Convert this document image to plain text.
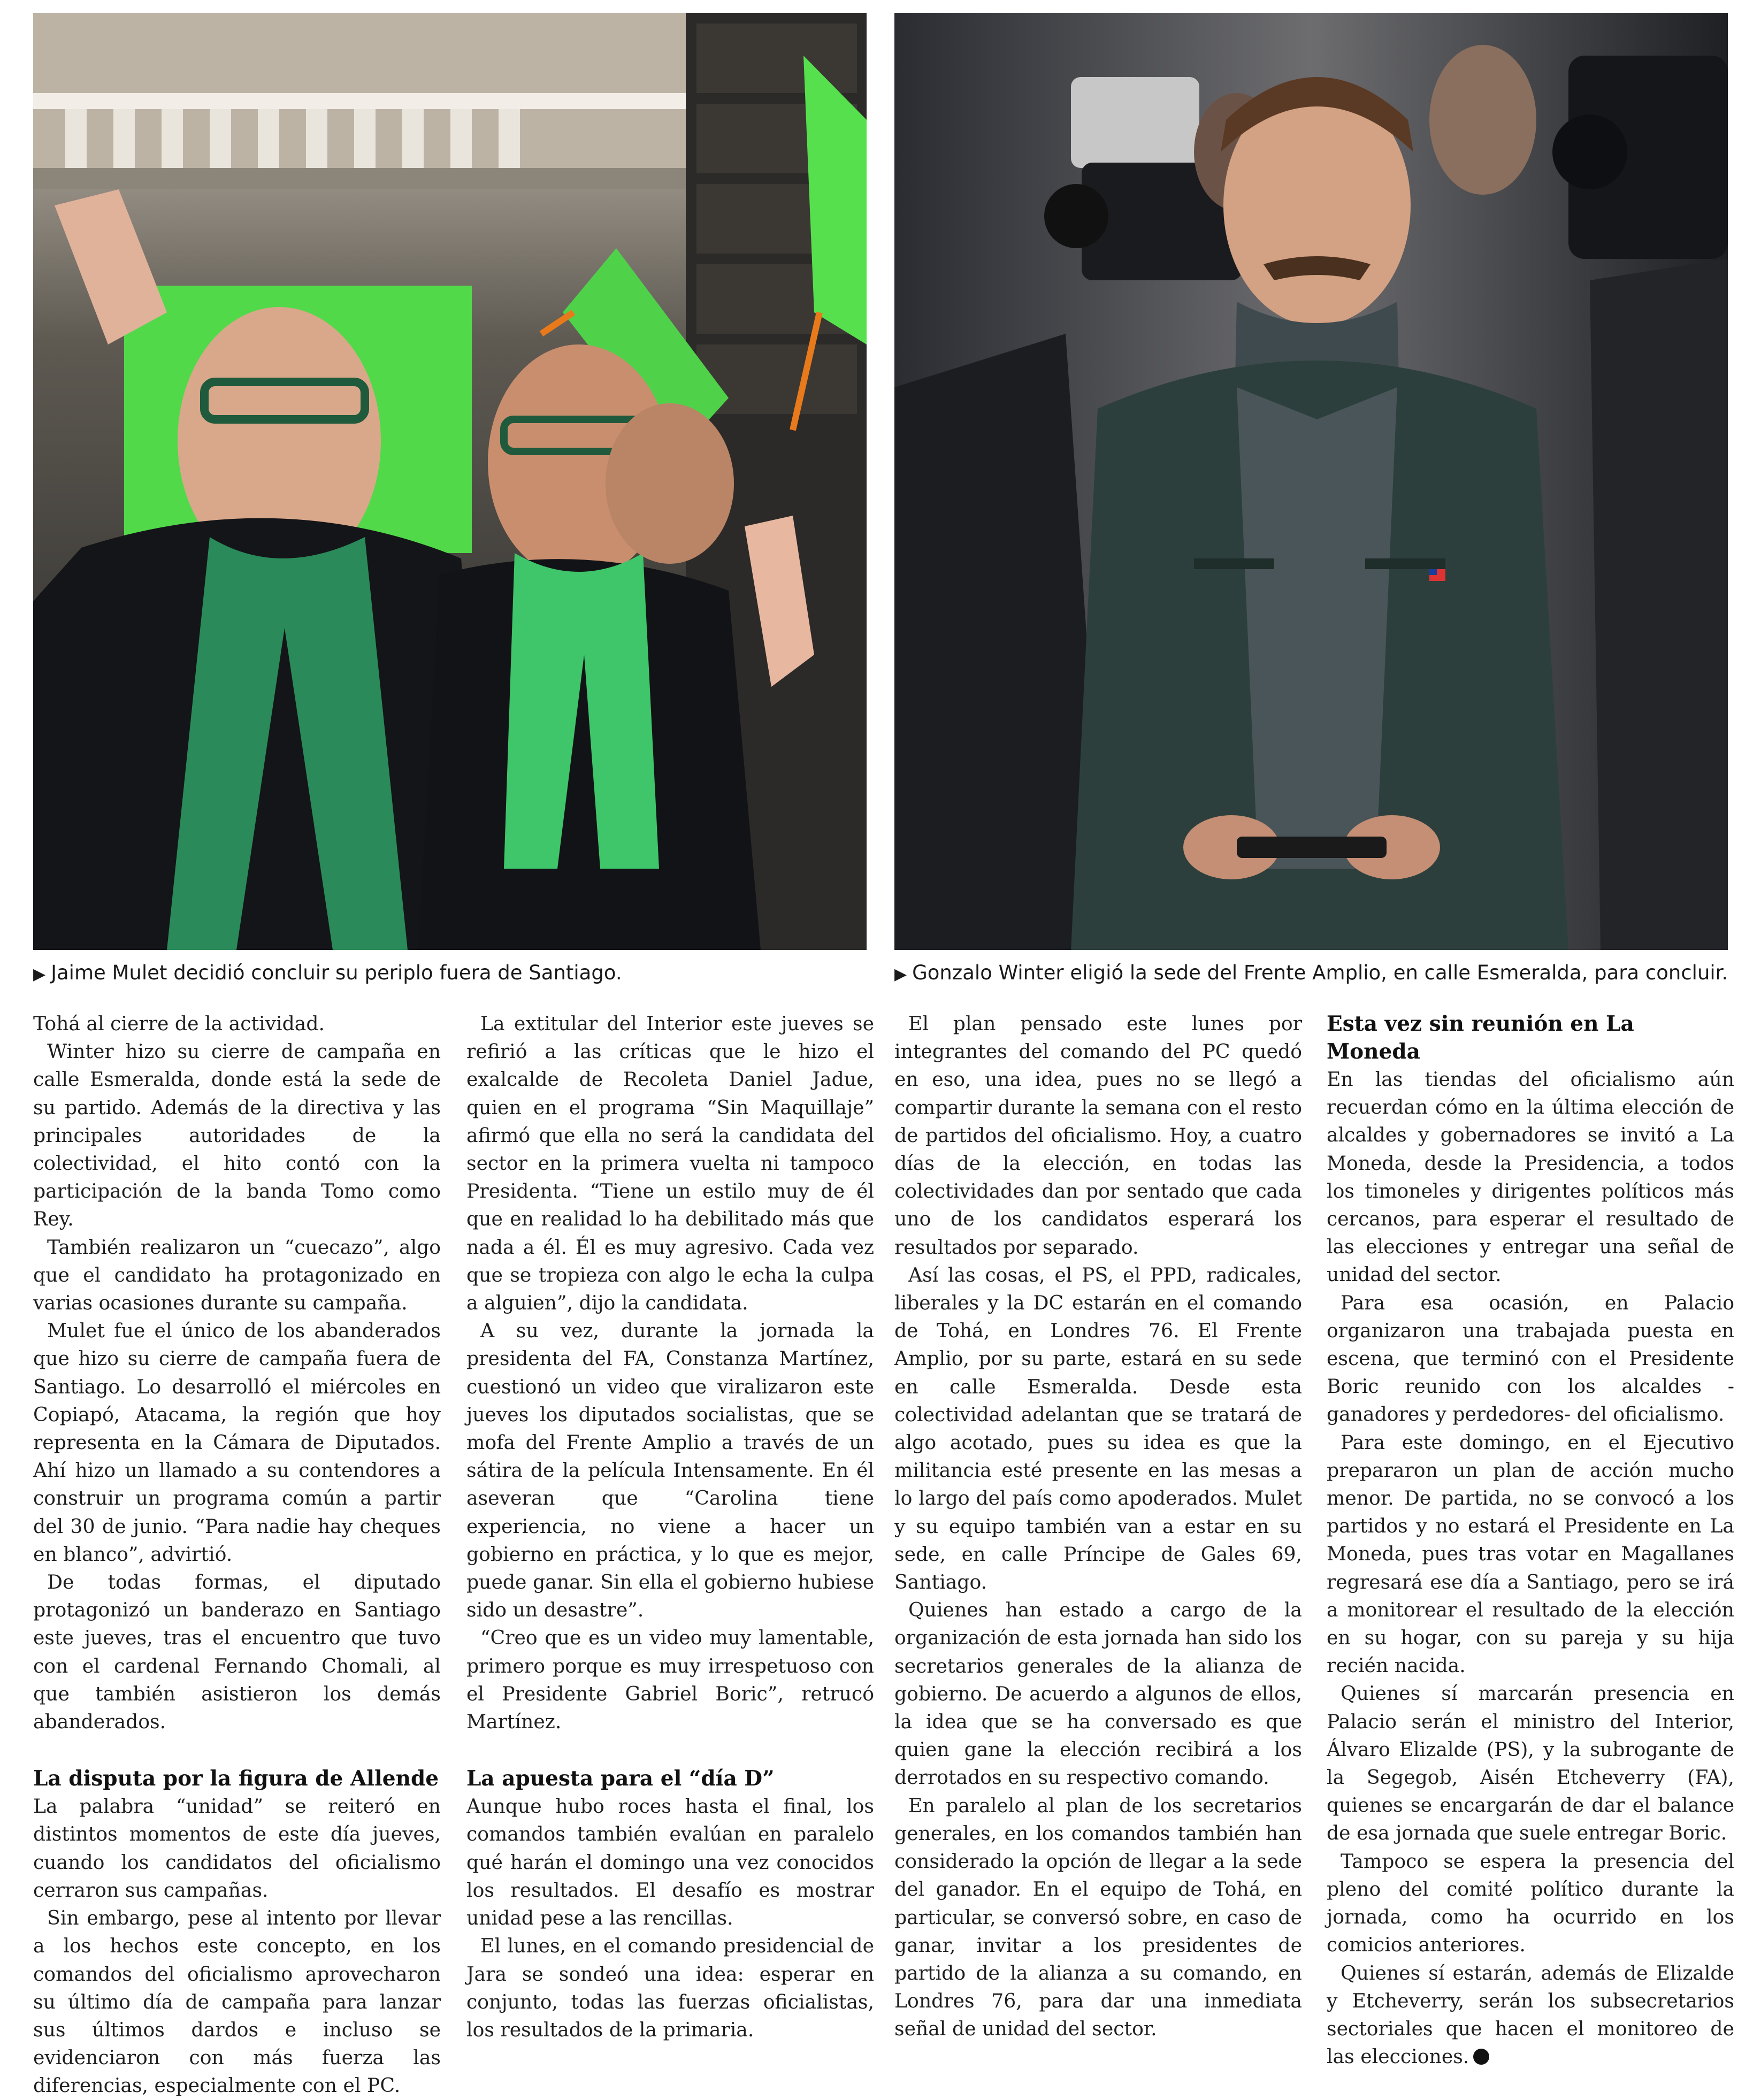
▶ Jaime Mulet decidió concluir su periplo fuera de Santiago.	▶ Gonzalo Winter eligió la sede del Frente Amplio, en calle Esmeralda, para concluir.

Tohá al cierre de la actividad.

Winter hizo su cierre de campaña en calle Esmeralda, donde está la sede de su partido. Además de la directiva y las principales autoridades de la colectividad, el hito contó con la participación de la banda Tomo como Rey.

También realizaron un “cuecazo”, algo que el candidato ha protagonizado en varias ocasiones durante su campaña.

Mulet fue el único de los abanderados que hizo su cierre de campaña fuera de Santiago. Lo desarrolló el miércoles en Copiapó, Atacama, la región que hoy representa en la Cámara de Diputados. Ahí hizo un llamado a su contendores a construir un programa común a partir del 30 de junio. “Para nadie hay cheques en blanco”, advirtió.

De todas formas, el diputado protagonizó un banderazo en Santiago este jueves, tras el encuentro que tuvo con el cardenal Fernando Chomali, al que también asistieron los demás abanderados.

La disputa por la figura de Allende

La palabra “unidad” se reiteró en distintos momentos de este día jueves, cuando los candidatos del oficialismo cerraron sus campañas.

Sin embargo, pese al intento por llevar a los hechos este concepto, en los comandos del oficialismo aprovecharon su último día de campaña para lanzar sus últimos dardos e incluso se evidenciaron con más fuerza las diferencias, especialmente con el PC.

La extitular del Interior este jueves se refirió a las críticas que le hizo el exalcalde de Recoleta Daniel Jadue, quien en el programa “Sin Maquillaje” afirmó que ella no será la candidata del sector en la primera vuelta ni tampoco Presidenta. “Tiene un estilo muy de él que en realidad lo ha debilitado más que nada a él. Él es muy agresivo. Cada vez que se tropieza con algo le echa la culpa a alguien”, dijo la candidata.

A su vez, durante la jornada la presidenta del FA, Constanza Martínez, cuestionó un video que viralizaron este jueves los diputados socialistas, que se mofa del Frente Amplio a través de un sátira de la película Intensamente. En él aseveran que “Carolina tiene experiencia, no viene a hacer un gobierno en práctica, y lo que es mejor, puede ganar. Sin ella el gobierno hubiese sido un desastre”.

“Creo que es un video muy lamentable, primero porque es muy irrespetuoso con el Presidente Gabriel Boric”, retrucó Martínez.

La apuesta para el “día D”

Aunque hubo roces hasta el final, los comandos también evalúan en paralelo qué harán el domingo una vez conocidos los resultados. El desafío es mostrar unidad pese a las rencillas.

El lunes, en el comando presidencial de Jara se sondeó una idea: esperar en conjunto, todas las fuerzas oficialistas, los resultados de la primaria.

El plan pensado este lunes por integrantes del comando del PC quedó en eso, una idea, pues no se llegó a compartir durante la semana con el resto de partidos del oficialismo. Hoy, a cuatro días de la elección, en todas las colectividades dan por sentado que cada uno de los candidatos esperará los resultados por separado.

Así las cosas, el PS, el PPD, radicales, liberales y la DC estarán en el comando de Tohá, en Londres 76. El Frente Amplio, por su parte, estará en su sede en calle Esmeralda. Desde esta colectividad adelantan que se tratará de algo acotado, pues su idea es que la militancia esté presente en las mesas a lo largo del país como apoderados. Mulet y su equipo también van a estar en su sede, en calle Príncipe de Gales 69, Santiago.

Quienes han estado a cargo de la organización de esta jornada han sido los secretarios generales de la alianza de gobierno. De acuerdo a algunos de ellos, la idea que se ha conversado es que quien gane la elección recibirá a los derrotados en su respectivo comando.

En paralelo al plan de los secretarios generales, en los comandos también han considerado la opción de llegar a la sede del ganador. En el equipo de Tohá, en particular, se conversó sobre, en caso de ganar, invitar a los presidentes de partido de la alianza a su comando, en Londres 76, para dar una inmediata señal de unidad del sector.

Esta vez sin reunión en La Moneda

En las tiendas del oficialismo aún recuerdan cómo en la última elección de alcaldes y gobernadores se invitó a La Moneda, desde la Presidencia, a todos los timoneles y dirigentes políticos más cercanos, para esperar el resultado de las elecciones y entregar una señal de unidad del sector.

Para esa ocasión, en Palacio organizaron una trabajada puesta en escena, que terminó con el Presidente Boric reunido con los alcaldes -ganadores y perdedores- del oficialismo.

Para este domingo, en el Ejecutivo prepararon un plan de acción mucho menor. De partida, no se convocó a los partidos y no estará el Presidente en La Moneda, pues tras votar en Magallanes regresará ese día a Santiago, pero se irá a monitorear el resultado de la elección en su hogar, con su pareja y su hija recién nacida.

Quienes sí marcarán presencia en Palacio serán el ministro del Interior, Álvaro Elizalde (PS), y la subrogante de la Segegob, Aisén Etcheverry (FA), quienes se encargarán de dar el balance de esa jornada que suele entregar Boric.

Tampoco se espera la presencia del pleno del comité político durante la jornada, como ha ocurrido en los comicios anteriores.

Quienes sí estarán, además de Elizalde y Etcheverry, serán los subsecretarios sectoriales que hacen el monitoreo de las elecciones.
